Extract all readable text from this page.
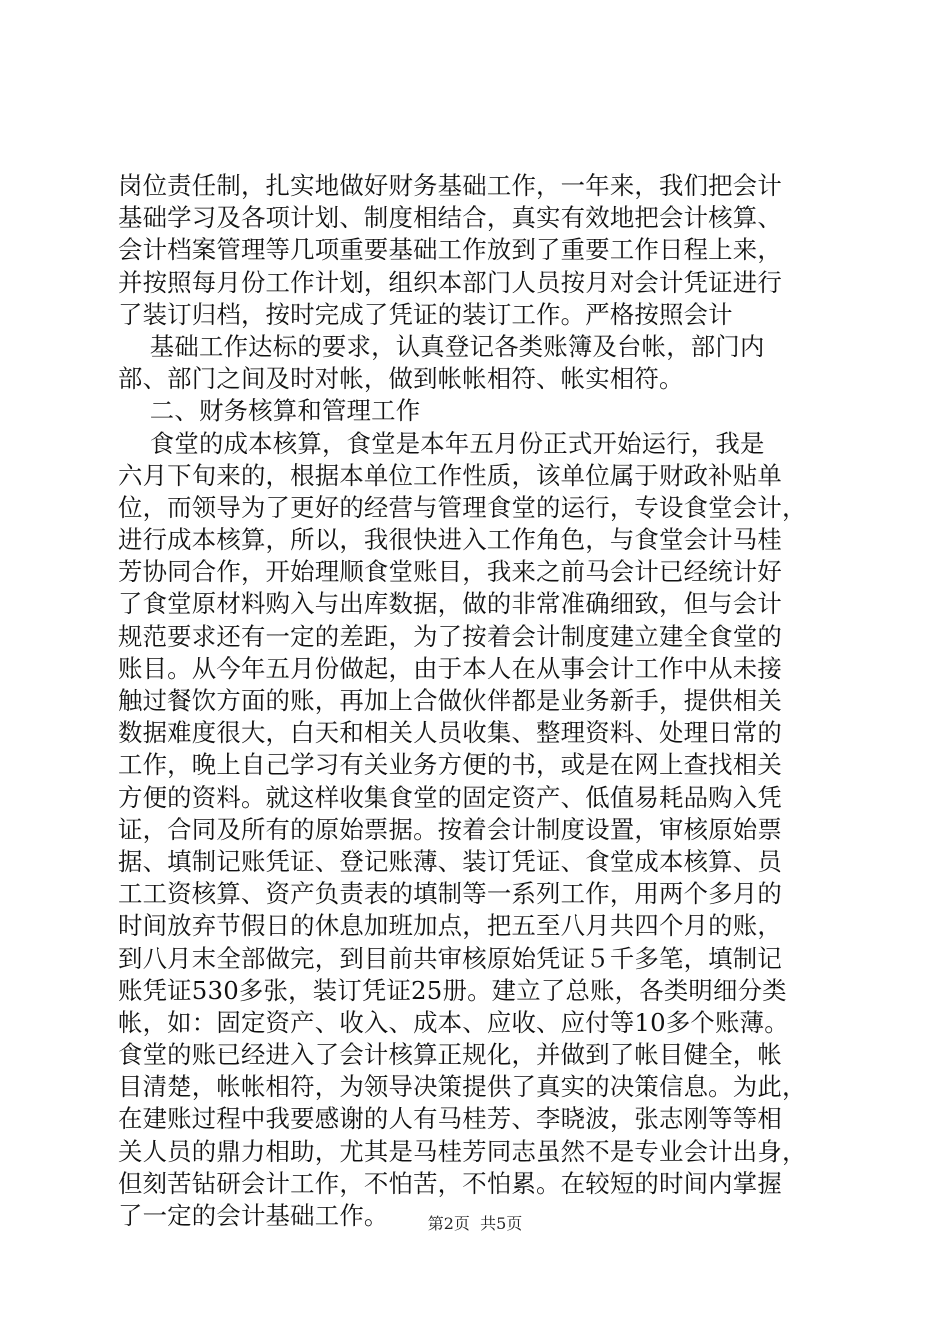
岗位责任制，扎实地做好财务基础工作，一年来，我们把会计
基础学习及各项计划、制度相结合，真实有效地把会计核算、
会计档案管理等几项重要基础工作放到了重要工作日程上来，
并按照每月份工作计划，组织本部门人员按月对会计凭证进行
了装订归档，按时完成了凭证的装订工作。严格按照会计
基础工作达标的要求，认真登记各类账簿及台帐，部门内
部、部门之间及时对帐，做到帐帐相符、帐实相符。
二、财务核算和管理工作
食堂的成本核算，食堂是本年五月份正式开始运行，我是
六月下旬来的，根据本单位工作性质，该单位属于财政补贴单
位，而领导为了更好的经营与管理食堂的运行，专设食堂会计，
进行成本核算，所以，我很快进入工作角色，与食堂会计马桂
芳协同合作，开始理顺食堂账目，我来之前马会计已经统计好
了食堂原材料购入与出库数据，做的非常准确细致，但与会计
规范要求还有一定的差距，为了按着会计制度建立建全食堂的
账目。从今年五月份做起，由于本人在从事会计工作中从未接
触过餐饮方面的账，再加上合做伙伴都是业务新手，提供相关
数据难度很大，白天和相关人员收集、整理资料、处理日常的
工作，晚上自己学习有关业务方便的书，或是在网上查找相关
方便的资料。就这样收集食堂的固定资产、低值易耗品购入凭
证，合同及所有的原始票据。按着会计制度设置，审核原始票
据、填制记账凭证、登记账薄、装订凭证、食堂成本核算、员
工工资核算、资产负责表的填制等一系列工作，用两个多月的
时间放弃节假日的休息加班加点，把五至八月共四个月的账，
到八月末全部做完，到目前共审核原始凭证５千多笔，填制记
账凭证530多张，装订凭证25册。建立了总账，各类明细分类
帐，如：固定资产、收入、成本、应收、应付等10多个账薄。
食堂的账已经进入了会计核算正规化，并做到了帐目健全，帐
目清楚，帐帐相符，为领导决策提供了真实的决策信息。为此，
在建账过程中我要感谢的人有马桂芳、李晓波，张志刚等等相
关人员的鼎力相助，尤其是马桂芳同志虽然不是专业会计出身，
但刻苦钻研会计工作，不怕苦，不怕累。在较短的时间内掌握
了一定的会计基础工作。	第2页  共5页
